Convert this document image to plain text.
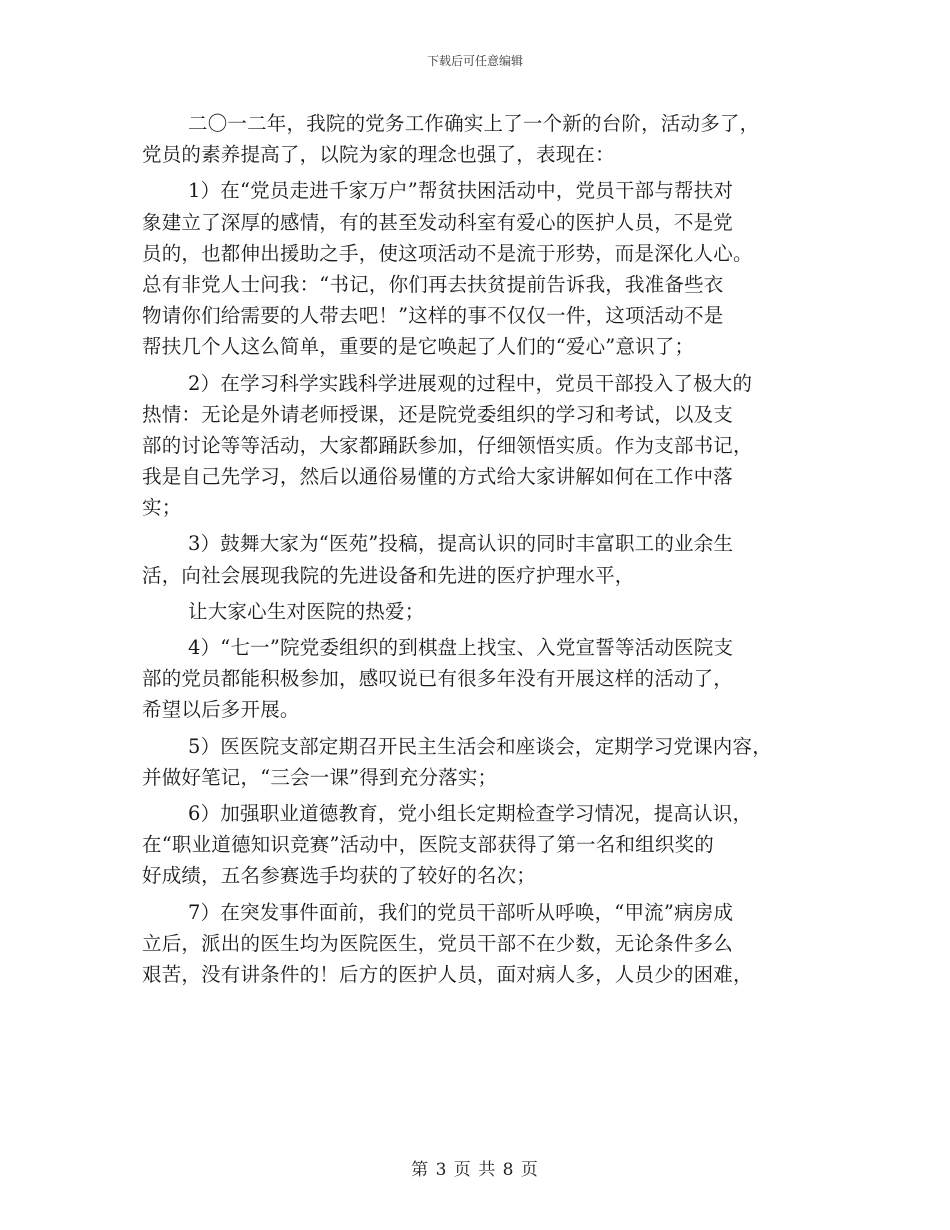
下载后可任意编辑

二〇一二年，我院的党务工作确实上了一个新的台阶，活动多了，
党员的素养提高了，以院为家的理念也强了，表现在：

1）在“党员走进千家万户”帮贫扶困活动中，党员干部与帮扶对
象建立了深厚的感情，有的甚至发动科室有爱心的医护人员，不是党
员的，也都伸出援助之手，使这项活动不是流于形势，而是深化人心。
总有非党人士问我：“书记，你们再去扶贫提前告诉我，我准备些衣
物请你们给需要的人带去吧！”这样的事不仅仅一件，这项活动不是
帮扶几个人这么简单，重要的是它唤起了人们的“爱心”意识了；

2）在学习科学实践科学进展观的过程中，党员干部投入了极大的
热情：无论是外请老师授课，还是院党委组织的学习和考试，以及支
部的讨论等等活动，大家都踊跃参加，仔细领悟实质。作为支部书记，
我是自己先学习，然后以通俗易懂的方式给大家讲解如何在工作中落
实；

3）鼓舞大家为“医苑”投稿，提高认识的同时丰富职工的业余生
活，向社会展现我院的先进设备和先进的医疗护理水平，

让大家心生对医院的热爱；

4）“七一”院党委组织的到棋盘上找宝、入党宣誓等活动医院支
部的党员都能积极参加，感叹说已有很多年没有开展这样的活动了，
希望以后多开展。

5）医医院支部定期召开民主生活会和座谈会，定期学习党课内容，
并做好笔记，“三会一课”得到充分落实；

6）加强职业道德教育，党小组长定期检查学习情况，提高认识，
在“职业道德知识竞赛”活动中，医院支部获得了第一名和组织奖的
好成绩，五名参赛选手均获的了较好的名次；

7）在突发事件面前，我们的党员干部听从呼唤，“甲流”病房成
立后，派出的医生均为医院医生，党员干部不在少数，无论条件多么
艰苦，没有讲条件的！后方的医护人员，面对病人多，人员少的困难，

第 3 页 共 8 页
